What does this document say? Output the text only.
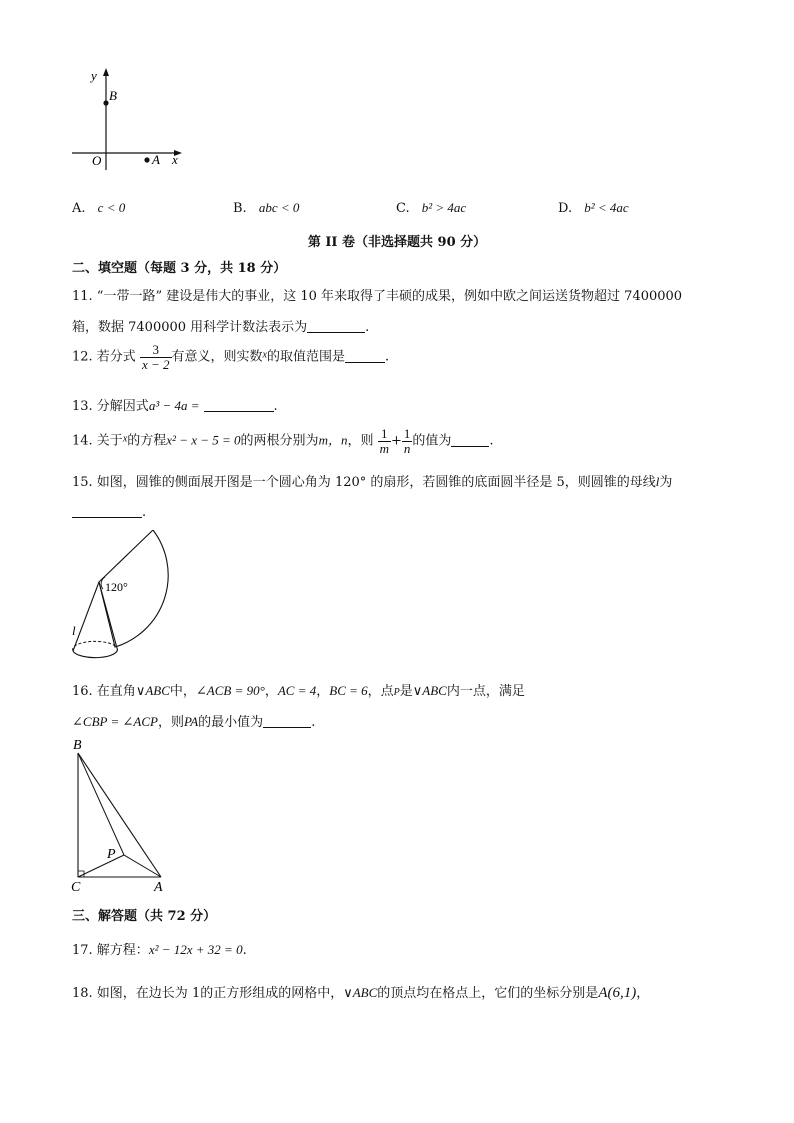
y
x
O	A
B
A. c < 0	B. abc < 0	C. b² > 4ac	D. b² < 4ac
第 II 卷（非选择题共 90 分）
二、填空题（每题 3 分，共 18 分）
11. “一带一路” 建设是伟大的事业，这 10 年来取得了丰硕的成果，例如中欧之间运送货物超过 7400000
箱，数据 7400000 用科学计数法表示为	.
12. 若分式 $\frac{3}{x - 2}$ 有意义，则实数$^x$的取值范围是	.
13. 分解因式a³ − 4a =	.
14. 关于$^x$的方程x² − x − 5 = 0的两根分别为m，n，则 $\frac{1}{m} + \frac{1}{n}$ 的值为	.
15. 如图，圆锥的侧面展开图是一个圆心角为 120° 的扇形，若圆锥的底面圆半径是 5，则圆锥的母线l为
.
120°
l
16. 在直角∨ABC中，∠ACB = 90°，AC = 4，BC = 6，点P是∨ABC内一点，满足
∠CBP = ∠ACP，则PA的最小值为	.
B
P
C	A
三、解答题（共 72 分）
17. 解方程：x² − 12x + 32 = 0.
18. 如图，在边长为 1的正方形组成的网格中，∨ABC的顶点均在格点上，它们的坐标分别是A(6,1)，
